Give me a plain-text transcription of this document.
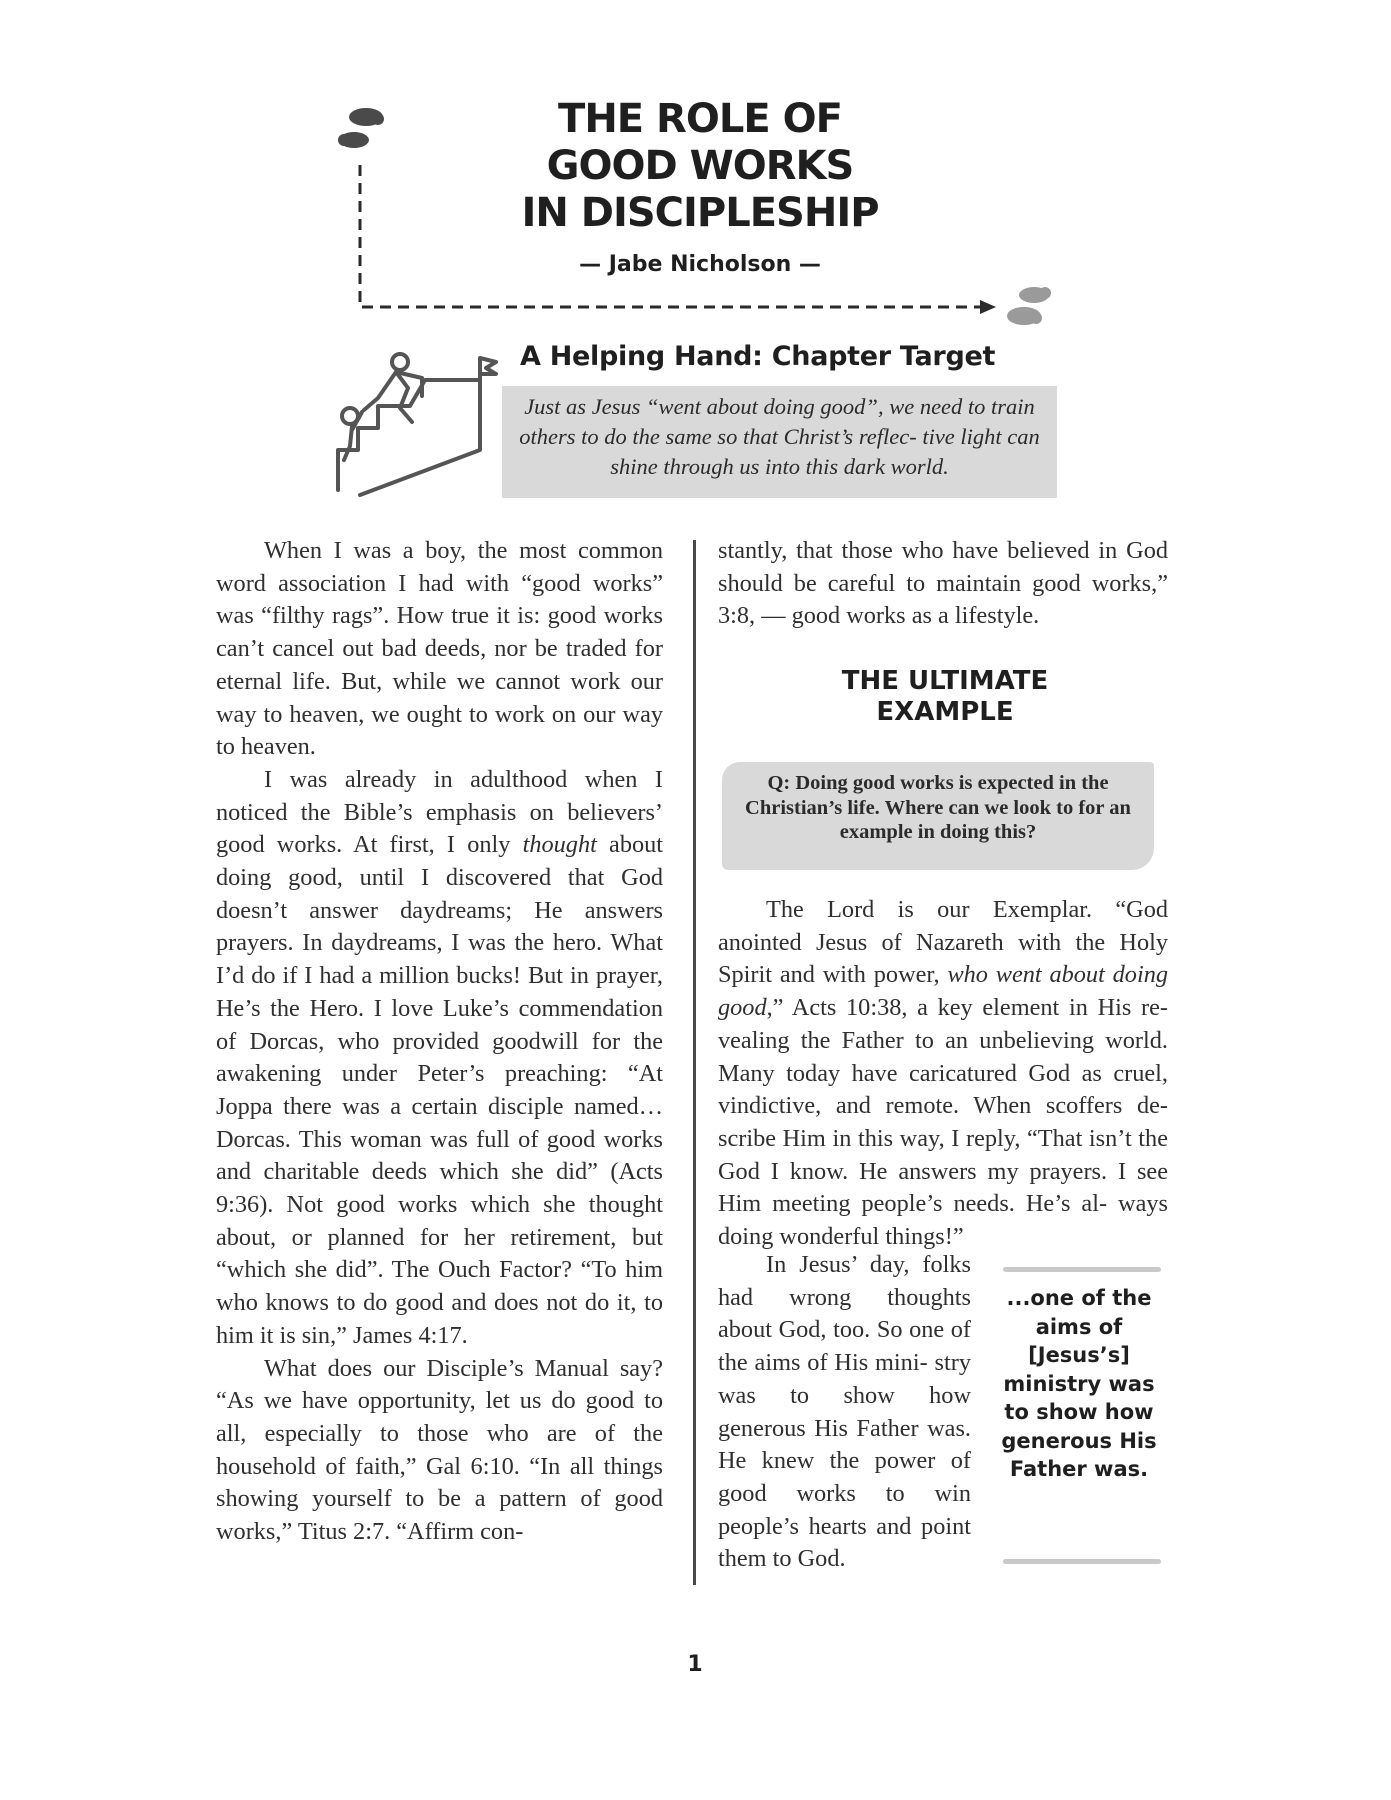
THE ROLE OF
GOOD WORKS
IN DISCIPLESHIP
— Jabe Nicholson —
A Helping Hand: Chapter Target
Just as Jesus “went about doing good”, we need to train others to do the same so that Christ’s reflec- tive light can shine through us into this dark world.

When I was a boy, the most common word association I had with “good works” was “filthy rags”. How true it is: good works can’t cancel out bad deeds, nor be traded for eternal life. But, while we cannot work our way to heaven, we ought to work on our way to heaven.

I was already in adulthood when I noticed the Bible’s emphasis on believers’ good works. At first, I only thought about doing good, until I discovered that God doesn’t answer daydreams; He answers prayers. In daydreams, I was the hero. What I’d do if I had a million bucks! But in prayer, He’s the Hero. I love Luke’s commendation of Dorcas, who provided goodwill for the awakening under Peter’s preaching: “At Joppa there was a certain disciple named…Dorcas. This woman was full of good works and charitable deeds which she did” (Acts 9:36). Not good works which she thought about, or planned for her retirement, but “which she did”. The Ouch Factor? “To him who knows to do good and does not do it, to him it is sin,” James 4:17.

What does our Disciple’s Manual say? “As we have opportunity, let us do good to all, especially to those who are of the household of faith,” Gal 6:10. “In all things showing yourself to be a pattern of good works,” Titus 2:7. “Affirm con-

stantly, that those who have believed in God should be careful to maintain good works,” 3:8, — good works as a lifestyle.

THE ULTIMATE
EXAMPLE
Q: Doing good works is expected in the Christian’s life. Where can we look to for an example in doing this?

The Lord is our Exemplar. “God anointed Jesus of Nazareth with the Holy Spirit and with power, who went about doing good,” Acts 10:38, a key element in His re- vealing the Father to an unbelieving world. Many today have caricatured God as cruel, vindictive, and remote. When scoffers de- scribe Him in this way, I reply, “That isn’t the God I know. He answers my prayers. I see Him meeting people’s needs. He’s al- ways doing wonderful things!”

In Jesus’ day, folks had wrong thoughts about God, too. So one of the aims of His mini- stry was to show how generous His Father was. He knew the power of good works to win people’s hearts and point them to God.

...one of the aims of [Jesus’s] ministry was to show how generous His Father was.
1
